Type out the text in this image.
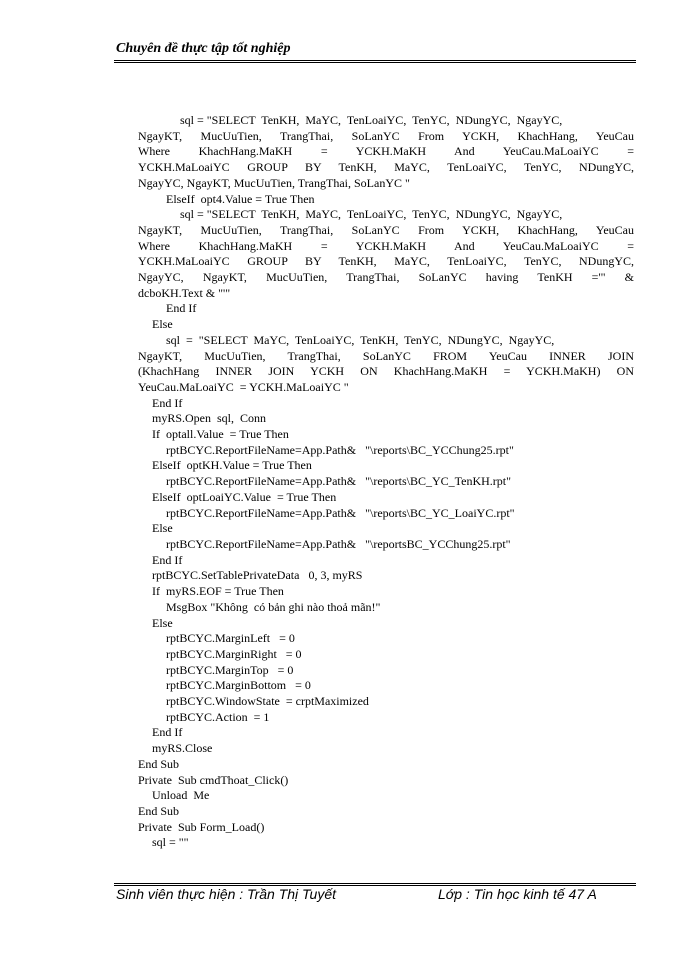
Chuyên đề thực tập tốt nghiệp
sql = "SELECT  TenKH,  MaYC,  TenLoaiYC,  TenYC,  NDungYC,  NgayYC,
NgayKT, MucUuTien, TrangThai, SoLanYC From YCKH, KhachHang, YeuCau
Where KhachHang.MaKH = YCKH.MaKH And YeuCau.MaLoaiYC =
YCKH.MaLoaiYC GROUP BY TenKH, MaYC, TenLoaiYC, TenYC, NDungYC,
NgayYC, NgayKT, MucUuTien, TrangThai, SoLanYC "
ElseIf  opt4.Value = True Then
sql = "SELECT  TenKH,  MaYC,  TenLoaiYC,  TenYC,  NDungYC,  NgayYC,
NgayKT, MucUuTien, TrangThai, SoLanYC From YCKH, KhachHang, YeuCau
Where KhachHang.MaKH = YCKH.MaKH And YeuCau.MaLoaiYC =
YCKH.MaLoaiYC GROUP BY TenKH, MaYC, TenLoaiYC, TenYC, NDungYC,
NgayYC, NgayKT, MucUuTien, TrangThai, SoLanYC having TenKH ='" &
dcboKH.Text & "'"
End If
Else
sql  =  "SELECT  MaYC,  TenLoaiYC,  TenKH,  TenYC,  NDungYC,  NgayYC,
NgayKT, MucUuTien, TrangThai, SoLanYC FROM YeuCau INNER JOIN
(KhachHang INNER JOIN YCKH ON KhachHang.MaKH = YCKH.MaKH) ON
YeuCau.MaLoaiYC  = YCKH.MaLoaiYC "
End If
myRS.Open  sql,  Conn
If  optall.Value  = True Then
rptBCYC.ReportFileName=App.Path&   "\reports\BC_YCChung25.rpt"
ElseIf  optKH.Value = True Then
rptBCYC.ReportFileName=App.Path&   "\reports\BC_YC_TenKH.rpt"
ElseIf  optLoaiYC.Value  = True Then
rptBCYC.ReportFileName=App.Path&   "\reports\BC_YC_LoaiYC.rpt"
Else
rptBCYC.ReportFileName=App.Path&   "\reportsBC_YCChung25.rpt"
End If
rptBCYC.SetTablePrivateData   0, 3, myRS
If  myRS.EOF = True Then
MsgBox "Không  có bản ghi nào thoả mãn!"
Else
rptBCYC.MarginLeft   = 0
rptBCYC.MarginRight   = 0
rptBCYC.MarginTop   = 0
rptBCYC.MarginBottom   = 0
rptBCYC.WindowState  = crptMaximized
rptBCYC.Action  = 1
End If
myRS.Close
End Sub
Private  Sub cmdThoat_Click()
Unload  Me
End Sub
Private  Sub Form_Load()
sql = ""
Sinh viên thực hiện : Trần Thị Tuyết	Lớp : Tin học kinh tế 47 A
